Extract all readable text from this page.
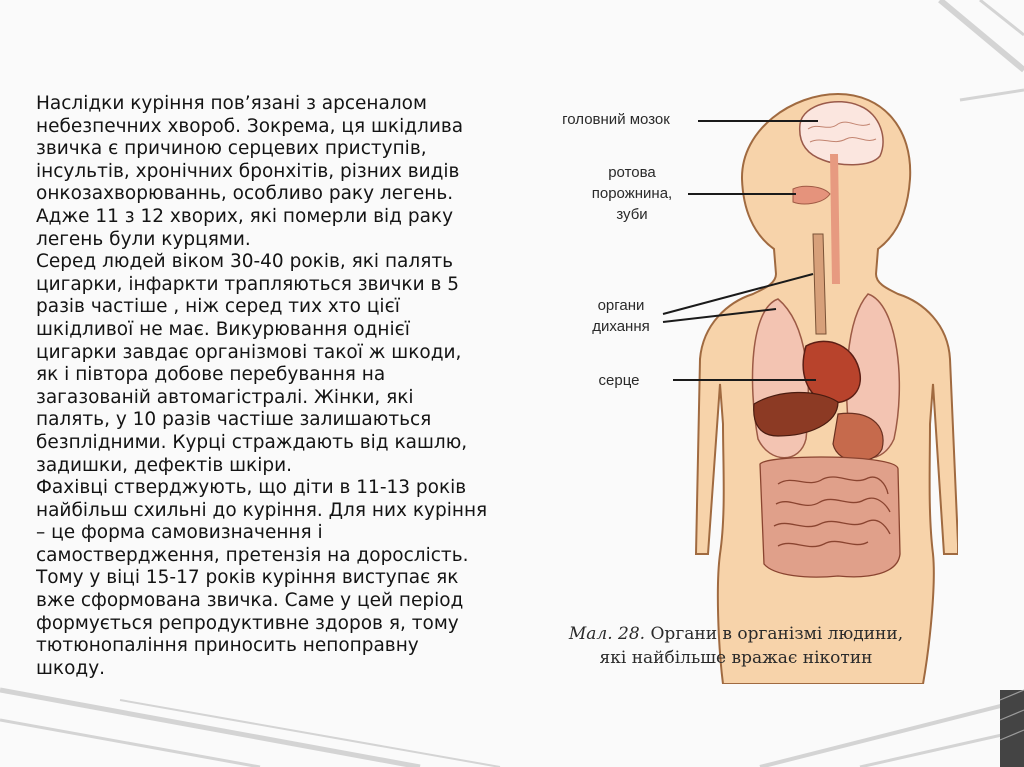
Наслідки куріння пов’язані з арсеналом
небезпечних хвороб. Зокрема, ця шкідлива
звичка є причиною серцевих приступів,
інсультів, хронічних бронхітів, різних видів
онкозахворюваннь, особливо раку легень.
Адже 11 з 12 хворих, які померли від раку
легень були курцями.
Серед людей віком 30-40 років, які палять
цигарки, інфаркти трапляються звички в 5
разів частіше , ніж серед тих хто цієї
шкідливої не має. Викурювання однієї
цигарки завдає організмові такої ж шкоди,
як і півтора добове перебування на
загазованій автомагістралі. Жінки, які
палять, у 10 разів частіше залишаються
безплідними. Курці страждають від кашлю,
задишки, дефектів шкіри.
Фахівці стверджують, що діти в 11-13 років
найбільш схильні до куріння. Для них куріння
– це форма самовизначення і
самоствердження, претензія на дорослість.
Тому у віці 15-17 років куріння виступає як
вже сформована звичка. Саме у цей період
формується репродуктивне здоров я, тому
тютюнопаління приносить непоправну
шкоду.
головний мозок
ротова
порожнина,
зуби
органи
дихання
серце
Мал. 28. Органи в організмі людини,
які найбільше вражає нікотин
